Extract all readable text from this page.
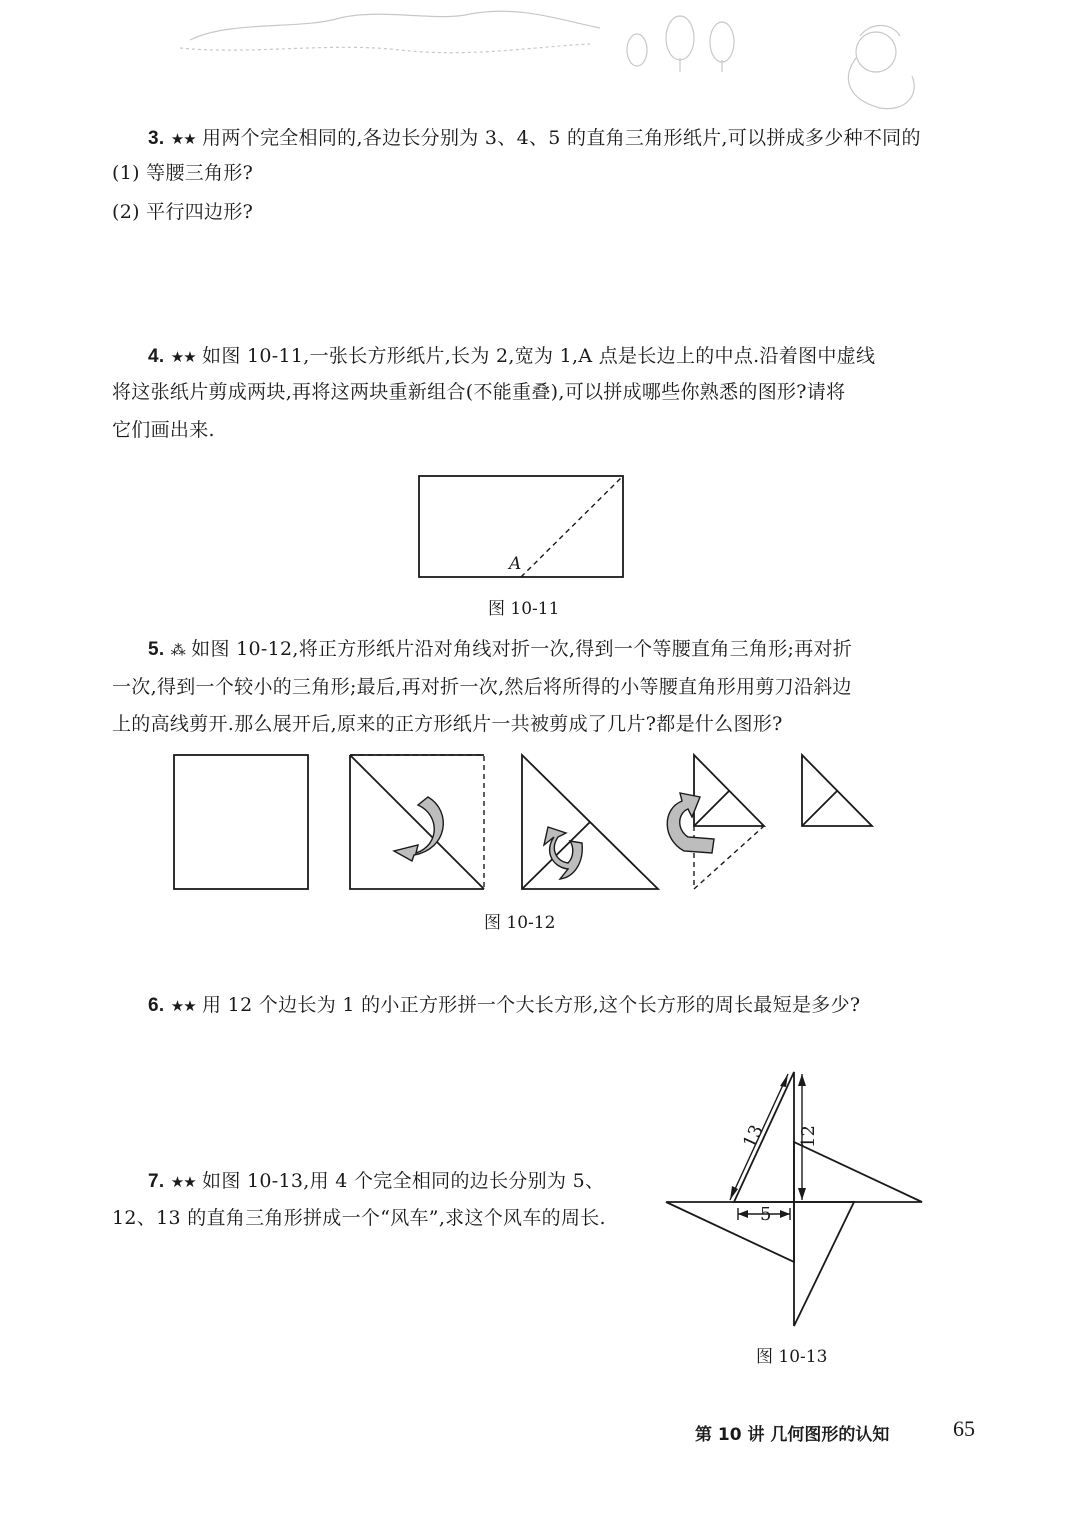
3. ★★ 用两个完全相同的,各边长分别为 3、4、5 的直角三角形纸片,可以拼成多少种不同的
(1) 等腰三角形?
(2) 平行四边形?
4. ★★ 如图 10-11,一张长方形纸片,长为 2,宽为 1,A 点是长边上的中点.沿着图中虚线
将这张纸片剪成两块,再将这两块重新组合(不能重叠),可以拼成哪些你熟悉的图形?请将
它们画出来.
A
图 10-11
5. ⁂ 如图 10-12,将正方形纸片沿对角线对折一次,得到一个等腰直角三角形;再对折
一次,得到一个较小的三角形;最后,再对折一次,然后将所得的小等腰直角形用剪刀沿斜边
上的高线剪开.那么展开后,原来的正方形纸片一共被剪成了几片?都是什么图形?
图 10-12
6. ★★ 用 12 个边长为 1 的小正方形拼一个大长方形,这个长方形的周长最短是多少?
7. ★★ 如图 10-13,用 4 个完全相同的边长分别为 5、
12、13 的直角三角形拼成一个“风车”,求这个风车的周长.
13 12
5
图 10-13
第 10 讲 几何图形的认知	65
